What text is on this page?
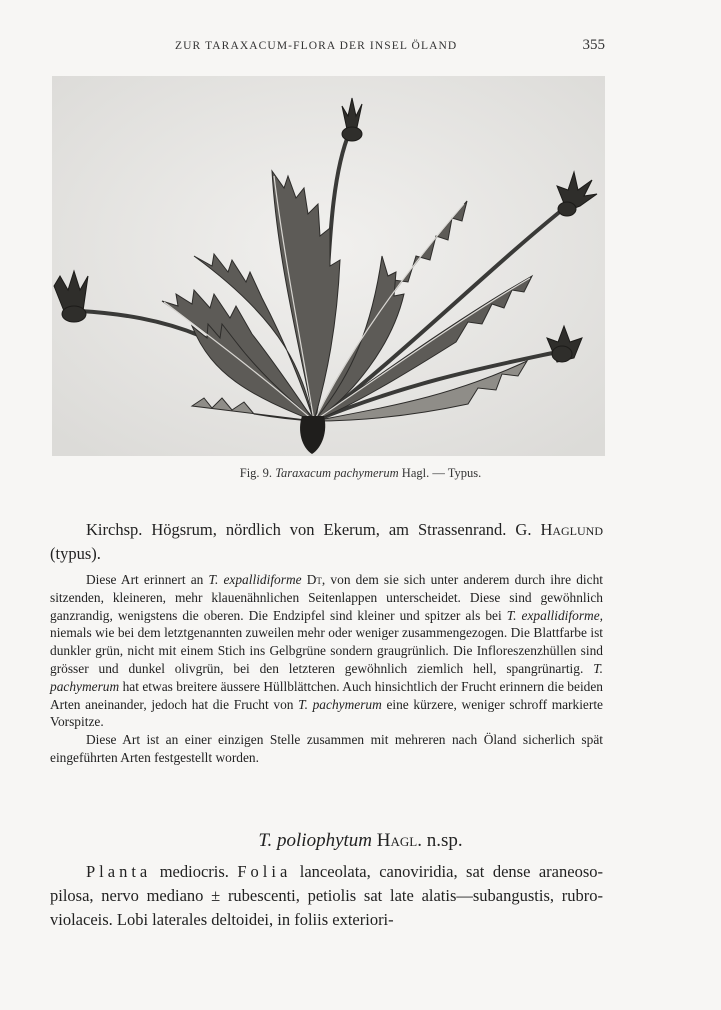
ZUR TARAXACUM-FLORA DER INSEL ÖLAND	355
Fig. 9. Taraxacum pachymerum Hagl. — Typus.
Kirchsp. Högsrum, nördlich von Ekerum, am Strassenrand. G. Haglund (typus).

Diese Art erinnert an T. expallidiforme Dt, von dem sie sich unter anderem durch ihre dicht sitzenden, kleineren, mehr klauenähnlichen Seitenlappen unterscheidet. Diese sind gewöhnlich ganzrandig, wenigstens die oberen. Die Endzipfel sind kleiner und spitzer als bei T. expallidiforme, niemals wie bei dem letztgenannten zuweilen mehr oder weniger zusammengezogen. Die Blattfarbe ist dunkler grün, nicht mit einem Stich ins Gelbgrüne sondern graugrünlich. Die Infloreszenzhüllen sind grösser und dunkel olivgrün, bei den letzteren gewöhnlich ziemlich hell, spangrünartig. T. pachymerum hat etwas breitere äussere Hüllblättchen. Auch hinsichtlich der Frucht erinnern die beiden Arten aneinander, jedoch hat die Frucht von T. pachymerum eine kürzere, weniger schroff markierte Vorspitze.

Diese Art ist an einer einzigen Stelle zusammen mit mehreren nach Öland sicherlich spät eingeführten Arten festgestellt worden.

T. poliophytum Hagl. n.sp.
Planta mediocris. Folia lanceolata, canoviridia, sat dense araneoso-pilosa, nervo mediano ± rubescenti, petiolis sat late alatis—subangustis, rubro-violaceis. Lobi laterales deltoidei, in foliis exteriori-
